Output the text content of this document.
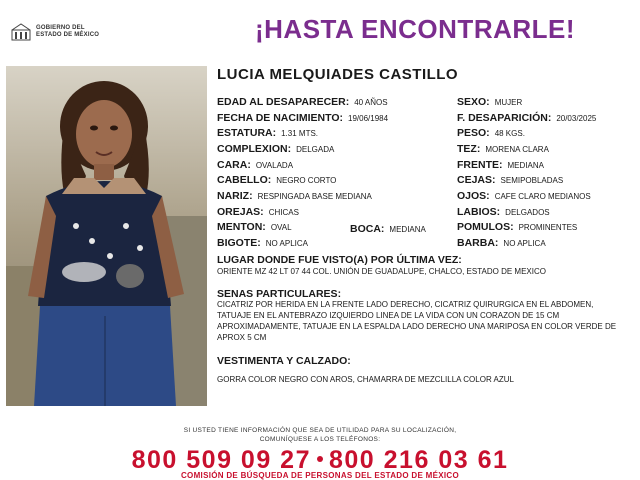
GOBIERNO DEL
ESTADO DE MÉXICO	¡HASTA ENCONTRARLE!
LUCIA MELQUIADES CASTILLO
EDAD AL DESAPARECER: 40 AÑOS
FECHA DE NACIMIENTO: 19/06/1984
ESTATURA: 1.31 MTS.
COMPLEXION: DELGADA
CARA: OVALADA
CABELLO: NEGRO CORTO
NARIZ: RESPINGADA BASE MEDIANA
OREJAS: CHICAS
MENTON: OVAL	BOCA: MEDIANA
BIGOTE: NO APLICA
SEXO: MUJER
F. DESAPARICIÓN: 20/03/2025
PESO: 48 KGS.
TEZ: MORENA CLARA
FRENTE: MEDIANA
CEJAS: SEMIPOBLADAS
OJOS: CAFE CLARO MEDIANOS
LABIOS: DELGADOS
POMULOS: PROMINENTES
BARBA: NO APLICA
LUGAR DONDE FUE VISTO(A) POR ÚLTIMA VEZ:
ORIENTE MZ 42 LT 07 44 COL. UNIÓN DE GUADALUPE, CHALCO, ESTADO DE MEXICO
SENAS PARTICULARES:
CICATRIZ POR HERIDA EN LA FRENTE LADO DERECHO, CICATRIZ QUIRURGICA EN EL ABDOMEN, TATUAJE EN EL ANTEBRAZO IZQUIERDO LINEA DE LA VIDA CON UN CORAZON DE 15 CM APROXIMADAMENTE, TATUAJE EN LA ESPALDA LADO DERECHO UNA MARIPOSA EN COLOR VERDE DE APROX 5 CM
VESTIMENTA Y CALZADO:
GORRA COLOR NEGRO CON AROS, CHAMARRA DE MEZCLILLA COLOR AZUL
SI USTED TIENE INFORMACIÓN QUE SEA DE UTILIDAD PARA SU LOCALIZACIÓN,
COMUNÍQUESE A LOS TELÉFONOS:
800 509 09 27 800 216 03 61
COMISIÓN DE BÚSQUEDA DE PERSONAS DEL ESTADO DE MÉXICO
